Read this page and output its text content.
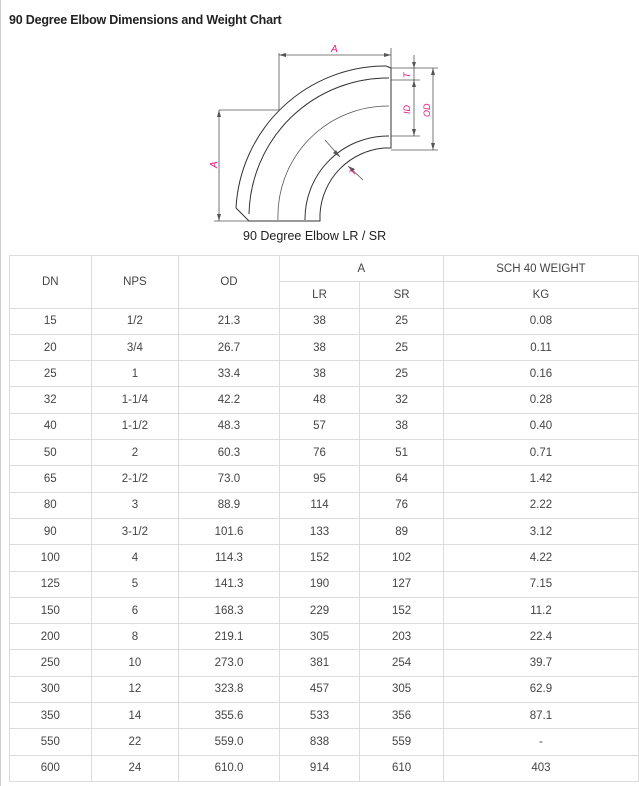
90 Degree Elbow Dimensions and Weight Chart
A
A
T
ID OD
T
90 Degree Elbow LR / SR
DN	NPS	OD	A		SCH 40 WEIGHT
			LR	SR	KG
15	1/2	21.3	38	25	0.08
20	3/4	26.7	38	25	0.11
25	1	33.4	38	25	0.16
32	1-1/4	42.2	48	32	0.28
40	1-1/2	48.3	57	38	0.40
50	2	60.3	76	51	0.71
65	2-1/2	73.0	95	64	1.42
80	3	88.9	114	76	2.22
90	3-1/2	101.6	133	89	3.12
100	4	114.3	152	102	4.22
125	5	141.3	190	127	7.15
150	6	168.3	229	152	11.2
200	8	219.1	305	203	22.4
250	10	273.0	381	254	39.7
300	12	323.8	457	305	62.9
350	14	355.6	533	356	87.1
550	22	559.0	838	559	-
600	24	610.0	914	610	403
